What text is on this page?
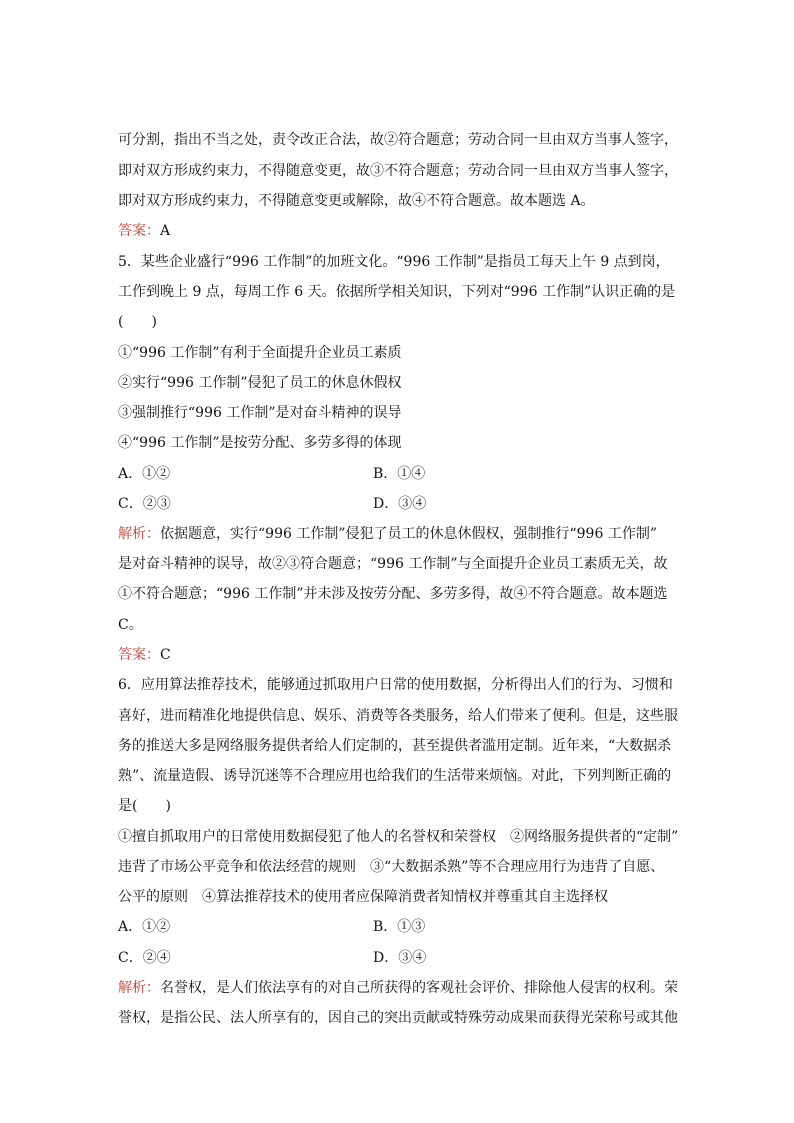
可分割，指出不当之处，责令改正合法，故②符合题意；劳动合同一旦由双方当事人签字，
即对双方形成约束力，不得随意变更，故③不符合题意；劳动合同一旦由双方当事人签字，
即对双方形成约束力，不得随意变更或解除，故④不符合题意。故本题选 A。
答案：A
5．某些企业盛行“996 工作制”的加班文化。“996 工作制”是指员工每天上午 9 点到岗，
工作到晚上 9 点，每周工作 6 天。依据所学相关知识，下列对“996 工作制”认识正确的是
(　　)
①“996 工作制”有利于全面提升企业员工素质
②实行“996 工作制”侵犯了员工的休息休假权
③强制推行“996 工作制”是对奋斗精神的误导
④“996 工作制”是按劳分配、多劳多得的体现
A．①②	B．①④
C．②③	D．③④
解析：依据题意，实行“996 工作制”侵犯了员工的休息休假权，强制推行“996 工作制”
是对奋斗精神的误导，故②③符合题意；“996 工作制”与全面提升企业员工素质无关，故
①不符合题意；“996 工作制”并未涉及按劳分配、多劳多得，故④不符合题意。故本题选
C。
答案：C
6．应用算法推荐技术，能够通过抓取用户日常的使用数据，分析得出人们的行为、习惯和
喜好，进而精准化地提供信息、娱乐、消费等各类服务，给人们带来了便利。但是，这些服
务的推送大多是网络服务提供者给人们定制的，甚至提供者滥用定制。近年来，“大数据杀
熟”、流量造假、诱导沉迷等不合理应用也给我们的生活带来烦恼。对此，下列判断正确的
是(　　)
①擅自抓取用户的日常使用数据侵犯了他人的名誉权和荣誉权　②网络服务提供者的“定制”
违背了市场公平竞争和依法经营的规则　③“大数据杀熟”等不合理应用行为违背了自愿、
公平的原则　④算法推荐技术的使用者应保障消费者知情权并尊重其自主选择权
A．①②	B．①③
C．②④	D．③④
解析：名誉权，是人们依法享有的对自己所获得的客观社会评价、排除他人侵害的权利。荣
誉权，是指公民、法人所享有的，因自己的突出贡献或特殊劳动成果而获得光荣称号或其他
